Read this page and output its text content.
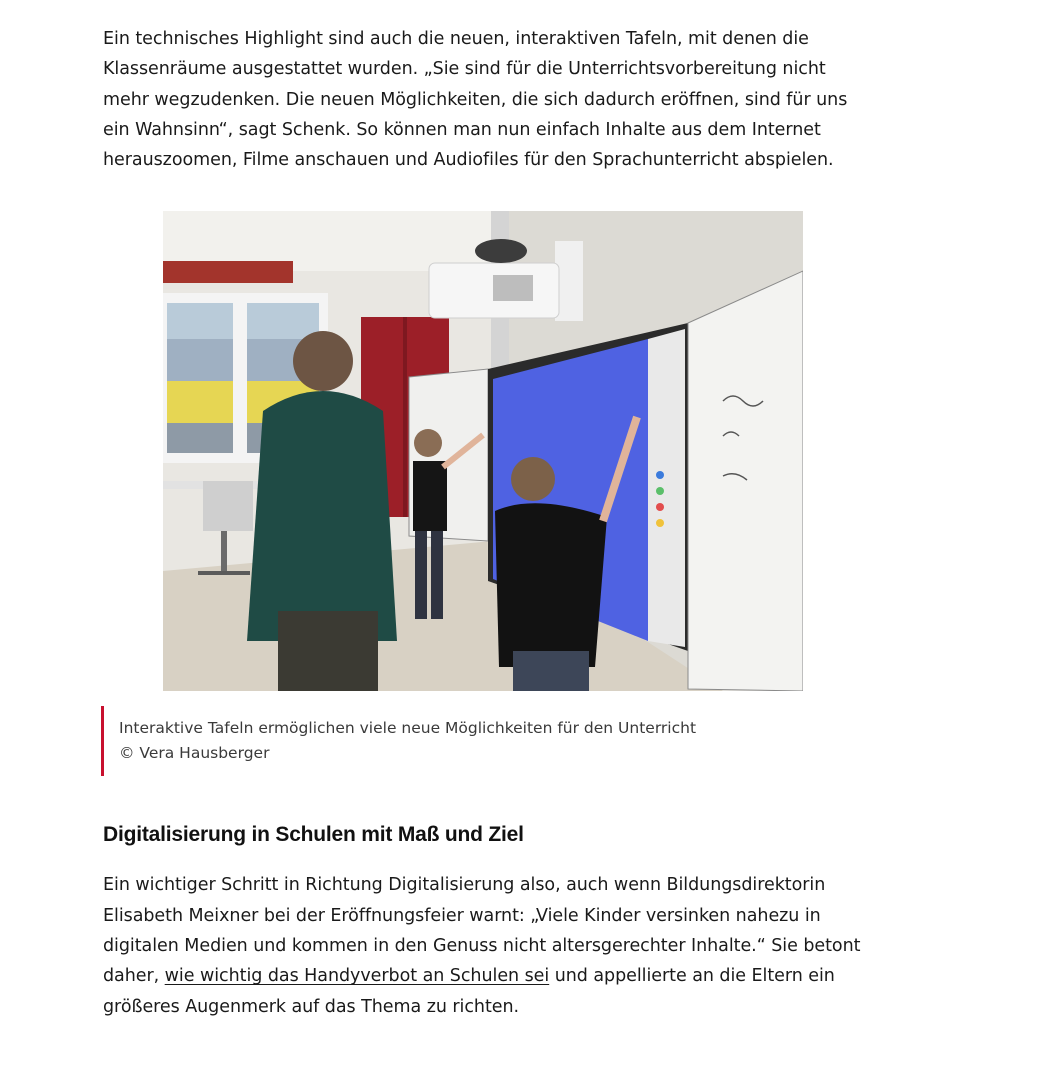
Ein technisches Highlight sind auch die neuen, interaktiven Tafeln, mit denen die Klassenräume ausgestattet wurden. „Sie sind für die Unterrichtsvorbereitung nicht mehr wegzudenken. Die neuen Möglichkeiten, die sich dadurch eröffnen, sind für uns ein Wahnsinn“, sagt Schenk. So können man nun einfach Inhalte aus dem Internet herauszoomen, Filme anschauen und Audiofiles für den Sprachunterricht abspielen.

Interaktive Tafeln ermöglichen viele neue Möglichkeiten für den Unterricht
© Vera Hausberger
Digitalisierung in Schulen mit Maß und Ziel

Ein wichtiger Schritt in Richtung Digitalisierung also, auch wenn Bildungsdirektorin Elisabeth Meixner bei der Eröffnungsfeier warnt: „Viele Kinder versinken nahezu in digitalen Medien und kommen in den Genuss nicht altersgerechter Inhalte.“ Sie betont daher, wie wichtig das Handyverbot an Schulen sei und appellierte an die Eltern ein größeres Augenmerk auf das Thema zu richten.
